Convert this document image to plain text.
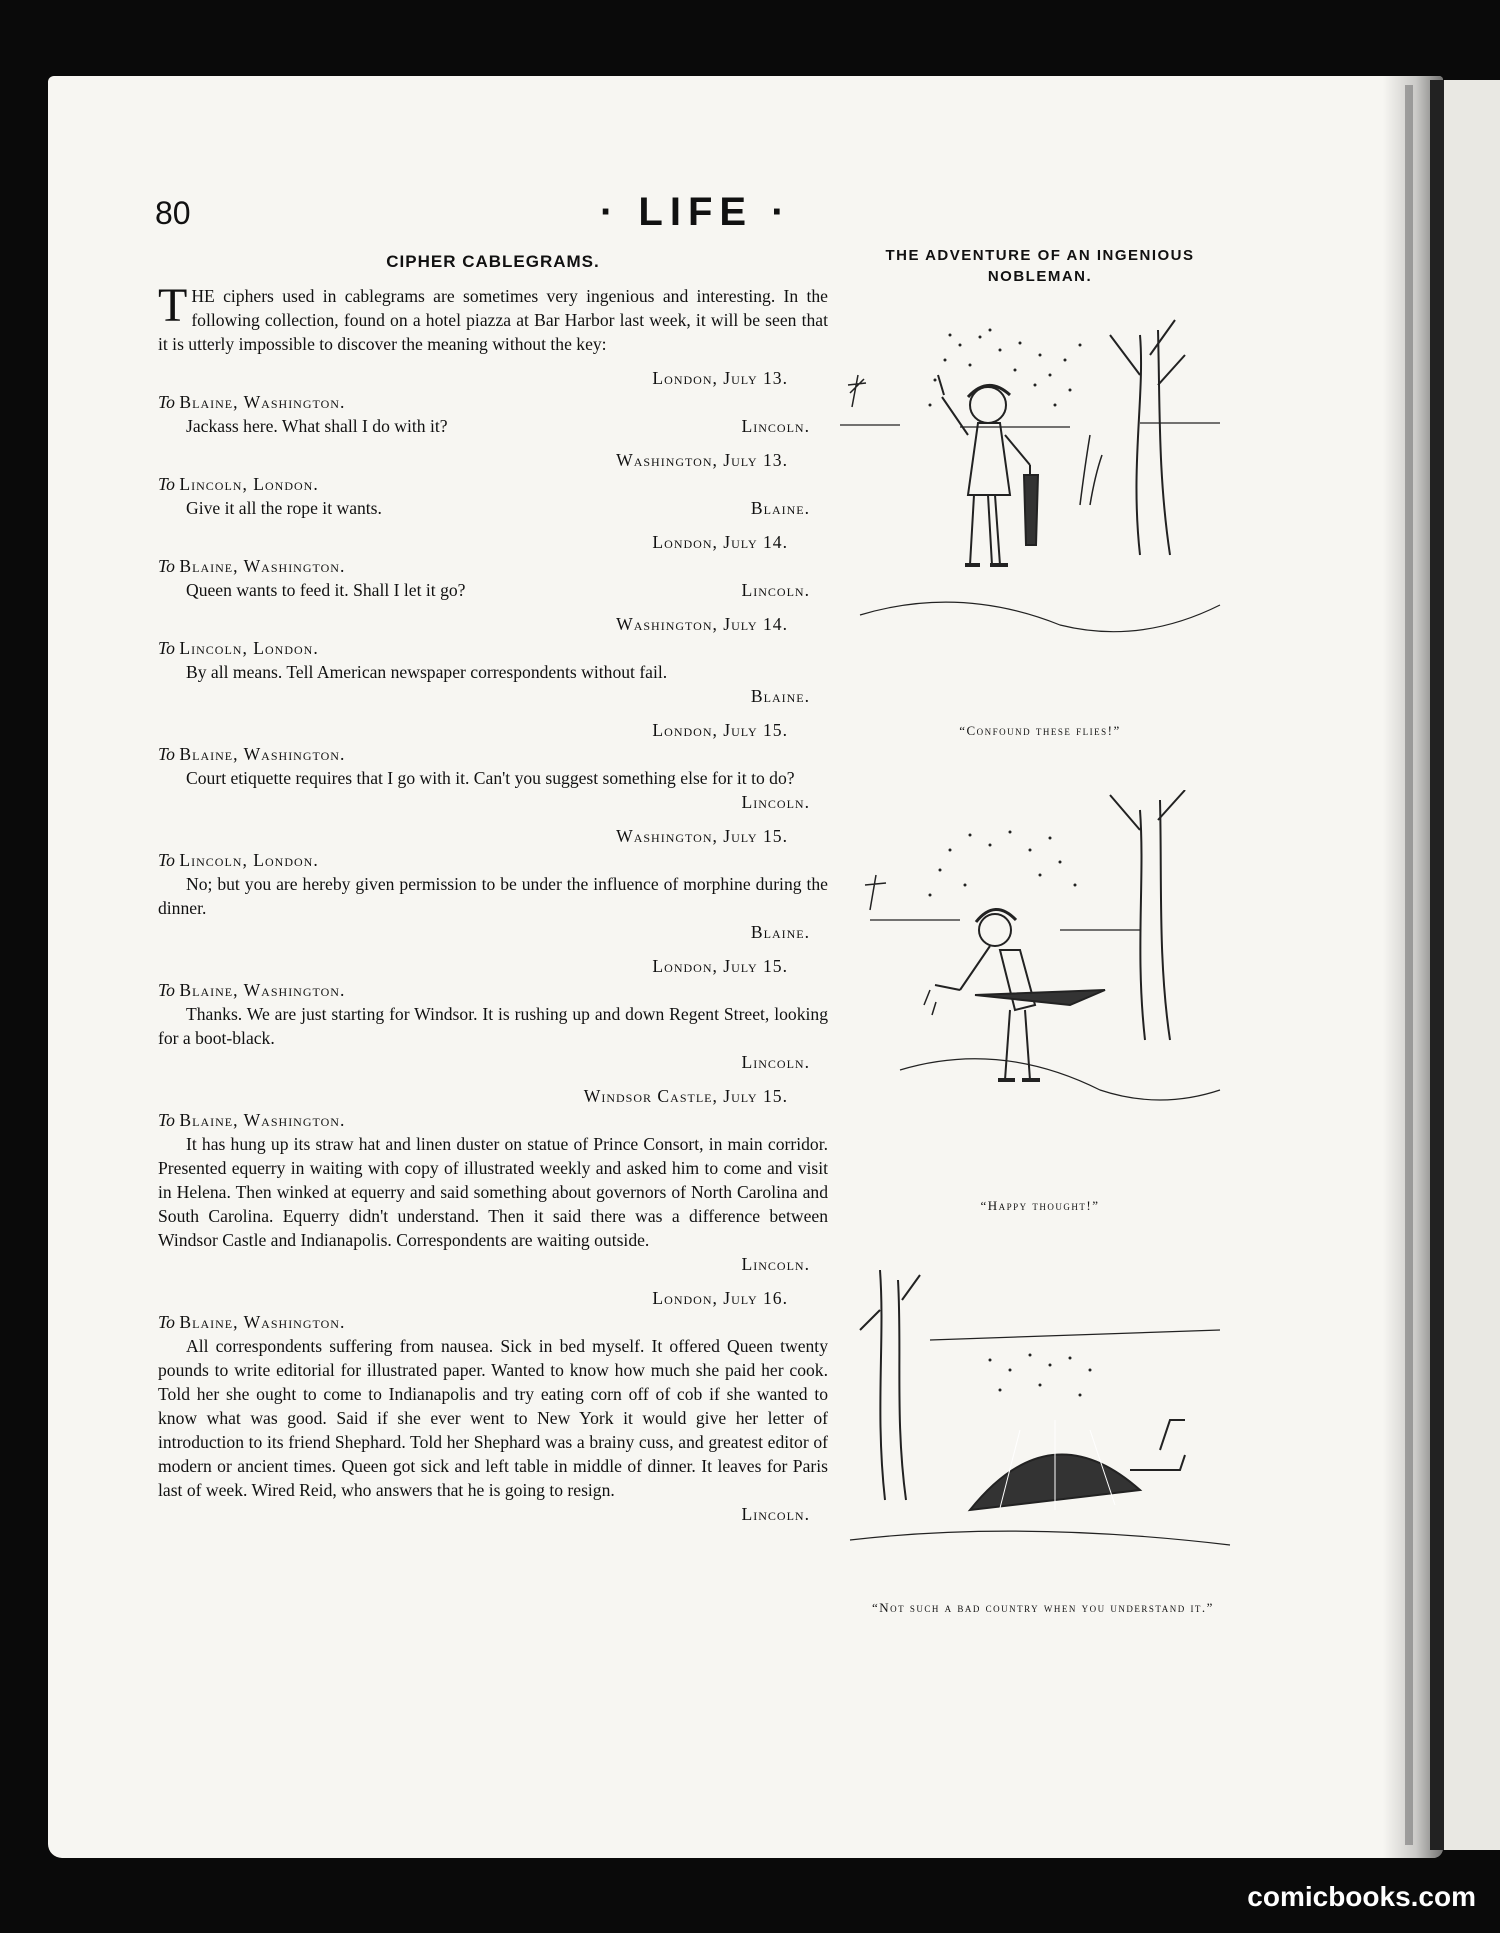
80	· LIFE ·
CIPHER CABLEGRAMS.

THE ciphers used in cablegrams are sometimes very ingenious and interesting. In the following collection, found on a hotel piazza at Bar Harbor last week, it will be seen that it is utterly impossible to discover the meaning without the key:

London, July 13.

To Blaine, Washington.

Jackass here. What shall I do with it?	Lincoln.
Washington, July 13.

To Lincoln, London.

Give it all the rope it wants.	Blaine.
London, July 14.

To Blaine, Washington.

Queen wants to feed it. Shall I let it go?	Lincoln.
Washington, July 14.

To Lincoln, London.

By all means. Tell American newspaper correspondents without fail.

Blaine.

London, July 15.

To Blaine, Washington.

Court etiquette requires that I go with it. Can't you suggest something else for it to do?

Lincoln.

Washington, July 15.

To Lincoln, London.

No; but you are hereby given permission to be under the influence of morphine during the dinner.

Blaine.

London, July 15.

To Blaine, Washington.

Thanks. We are just starting for Windsor. It is rushing up and down Regent Street, looking for a boot-black.

Lincoln.

Windsor Castle, July 15.

To Blaine, Washington.

It has hung up its straw hat and linen duster on statue of Prince Consort, in main corridor. Presented equerry in waiting with copy of illustrated weekly and asked him to come and visit in Helena. Then winked at equerry and said something about governors of North Carolina and South Carolina. Equerry didn't understand. Then it said there was a difference between Windsor Castle and Indianapolis. Correspondents are waiting outside.

Lincoln.

London, July 16.

To Blaine, Washington.

All correspondents suffering from nausea. Sick in bed myself. It offered Queen twenty pounds to write editorial for illustrated paper. Wanted to know how much she paid her cook. Told her she ought to come to Indianapolis and try eating corn off of cob if she wanted to know what was good. Said if she ever went to New York it would give her letter of introduction to its friend Shephard. Told her Shephard was a brainy cuss, and greatest editor of modern or ancient times. Queen got sick and left table in middle of dinner. It leaves for Paris last of week. Wired Reid, who answers that he is going to resign.

Lincoln.

THE ADVENTURE OF AN INGENIOUS NOBLEMAN.

“Confound these flies!”
“Happy thought!”
“Not such a bad country when you understand it.”
comicbooks.com
